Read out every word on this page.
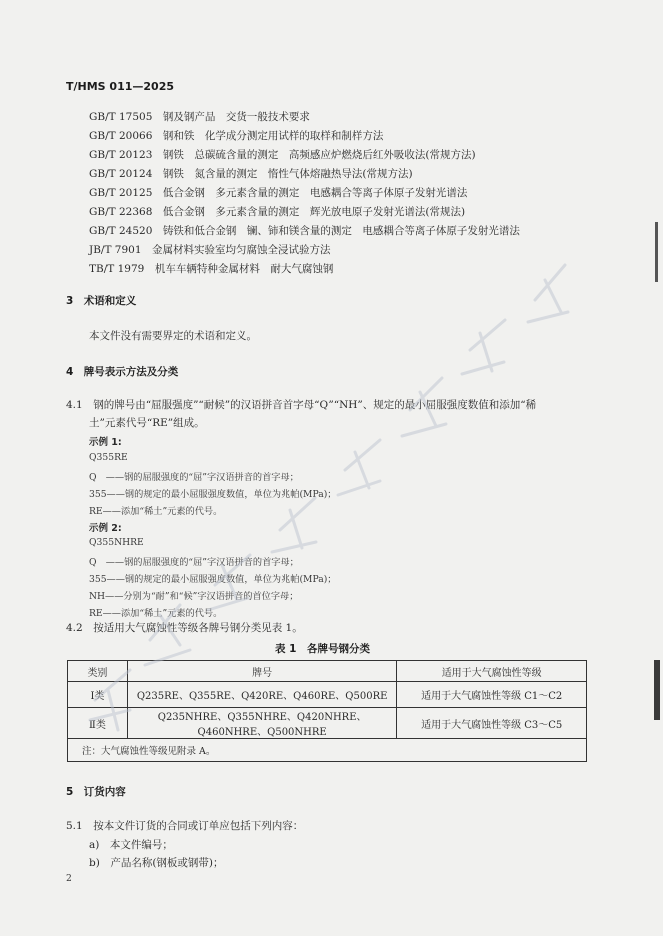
T/HMS 011—2025
GB/T 17505　钢及钢产品　交货一般技术要求
GB/T 20066　钢和铁　化学成分测定用试样的取样和制样方法
GB/T 20123　钢铁　总碳硫含量的测定　高频感应炉燃烧后红外吸收法(常规方法)
GB/T 20124　钢铁　氮含量的测定　惰性气体熔融热导法(常规方法)
GB/T 20125　低合金钢　多元素含量的测定　电感耦合等离子体原子发射光谱法
GB/T 22368　低合金钢　多元素含量的测定　辉光放电原子发射光谱法(常规法)
GB/T 24520　铸铁和低合金钢　镧、铈和镁含量的测定　电感耦合等离子体原子发射光谱法
JB/T 7901　金属材料实验室均匀腐蚀全浸试验方法
TB/T 1979　机车车辆特种金属材料　耐大气腐蚀钢
3　术语和定义
本文件没有需要界定的术语和定义。
4　牌号表示方法及分类
4.1　钢的牌号由“屈服强度”“耐候”的汉语拼音首字母“Q”“NH”、规定的最小屈服强度数值和添加“稀
土”元素代号“RE”组成。
示例 1:
Q355RE
Q　——钢的屈服强度的“屈”字汉语拼音的首字母；
355——钢的规定的最小屈服强度数值，单位为兆帕(MPa)；
RE——添加“稀土”元素的代号。
示例 2:
Q355NHRE
Q　——钢的屈服强度的“屈”字汉语拼音的首字母；
355——钢的规定的最小屈服强度数值，单位为兆帕(MPa)；
NH——分别为“耐”和“候”字汉语拼音的首位字母；
RE——添加“稀土”元素的代号。
4.2　按适用大气腐蚀性等级各牌号钢分类见表 1。
表 1　各牌号钢分类
类别	牌号	适用于大气腐蚀性等级
Ⅰ类	Q235RE、Q355RE、Q420RE、Q460RE、Q500RE	适用于大气腐蚀性等级 C1～C2
Ⅱ类	Q235NHRE、Q355NHRE、Q420NHRE、Q460NHRE、Q500NHRE	适用于大气腐蚀性等级 C3～C5
注：大气腐蚀性等级见附录 A。		
5　订货内容
5.1　按本文件订货的合同或订单应包括下列内容：
a)　本文件编号；
b)　产品名称(钢板或钢带)；
2
